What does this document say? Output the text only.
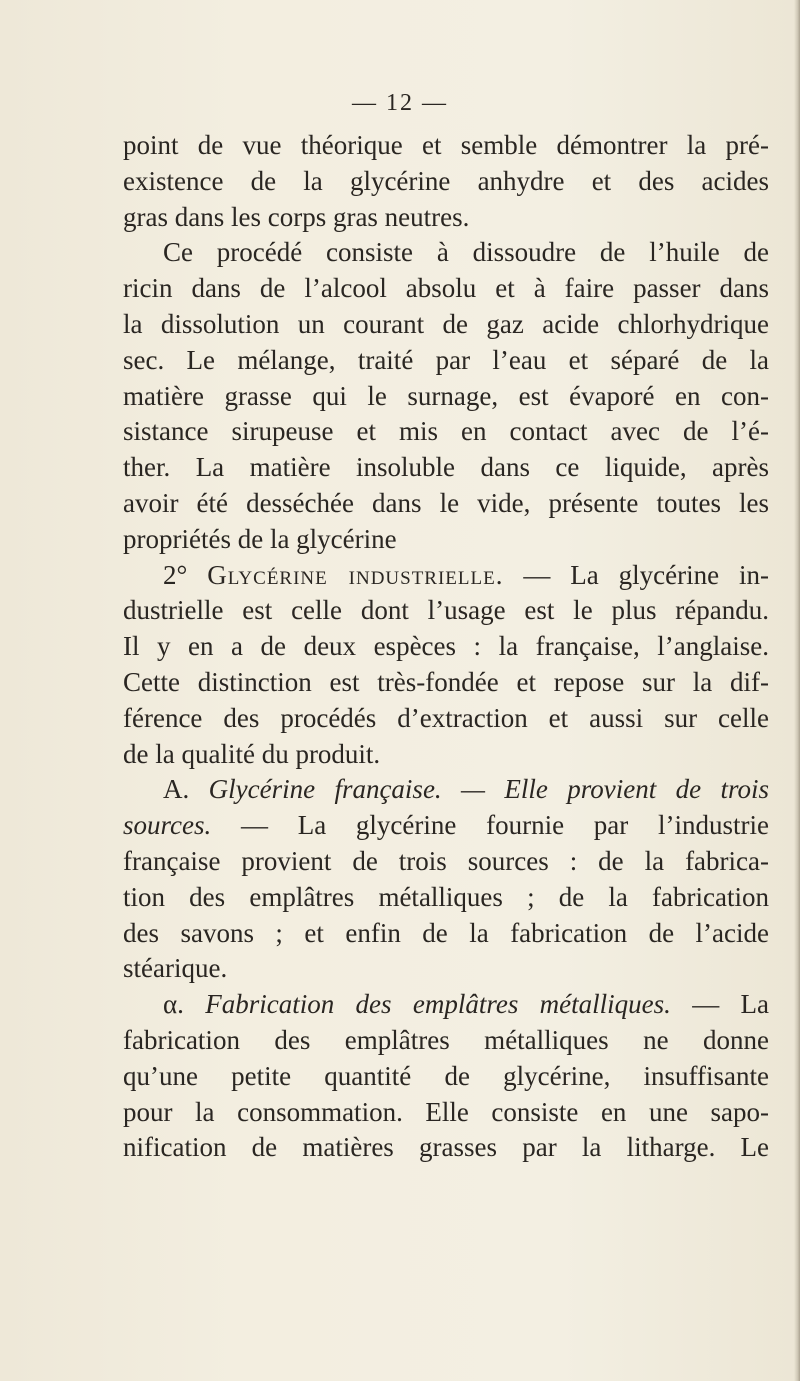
— 12 —
point de vue théorique et semble démontrer la pré-
existence de la glycérine anhydre et des acides
gras dans les corps gras neutres.
Ce procédé consiste à dissoudre de l’huile de
ricin dans de l’alcool absolu et à faire passer dans
la dissolution un courant de gaz acide chlorhydrique
sec. Le mélange, traité par l’eau et séparé de la
matière grasse qui le surnage, est évaporé en con-
sistance sirupeuse et mis en contact avec de l’é-
ther. La matière insoluble dans ce liquide, après
avoir été desséchée dans le vide, présente toutes les
propriétés de la glycérine
2° Glycérine industrielle. — La glycérine in-
dustrielle est celle dont l’usage est le plus répandu.
Il y en a de deux espèces : la française, l’anglaise.
Cette distinction est très-fondée et repose sur la dif-
férence des procédés d’extraction et aussi sur celle
de la qualité du produit.
A. Glycérine française. — Elle provient de trois
sources. — La glycérine fournie par l’industrie
française provient de trois sources : de la fabrica-
tion des emplâtres métalliques ; de la fabrication
des savons ; et enfin de la fabrication de l’acide
stéarique.
α. Fabrication des emplâtres métalliques. — La
fabrication des emplâtres métalliques ne donne
qu’une petite quantité de glycérine, insuffisante
pour la consommation. Elle consiste en une sapo-
nification de matières grasses par la litharge. Le
